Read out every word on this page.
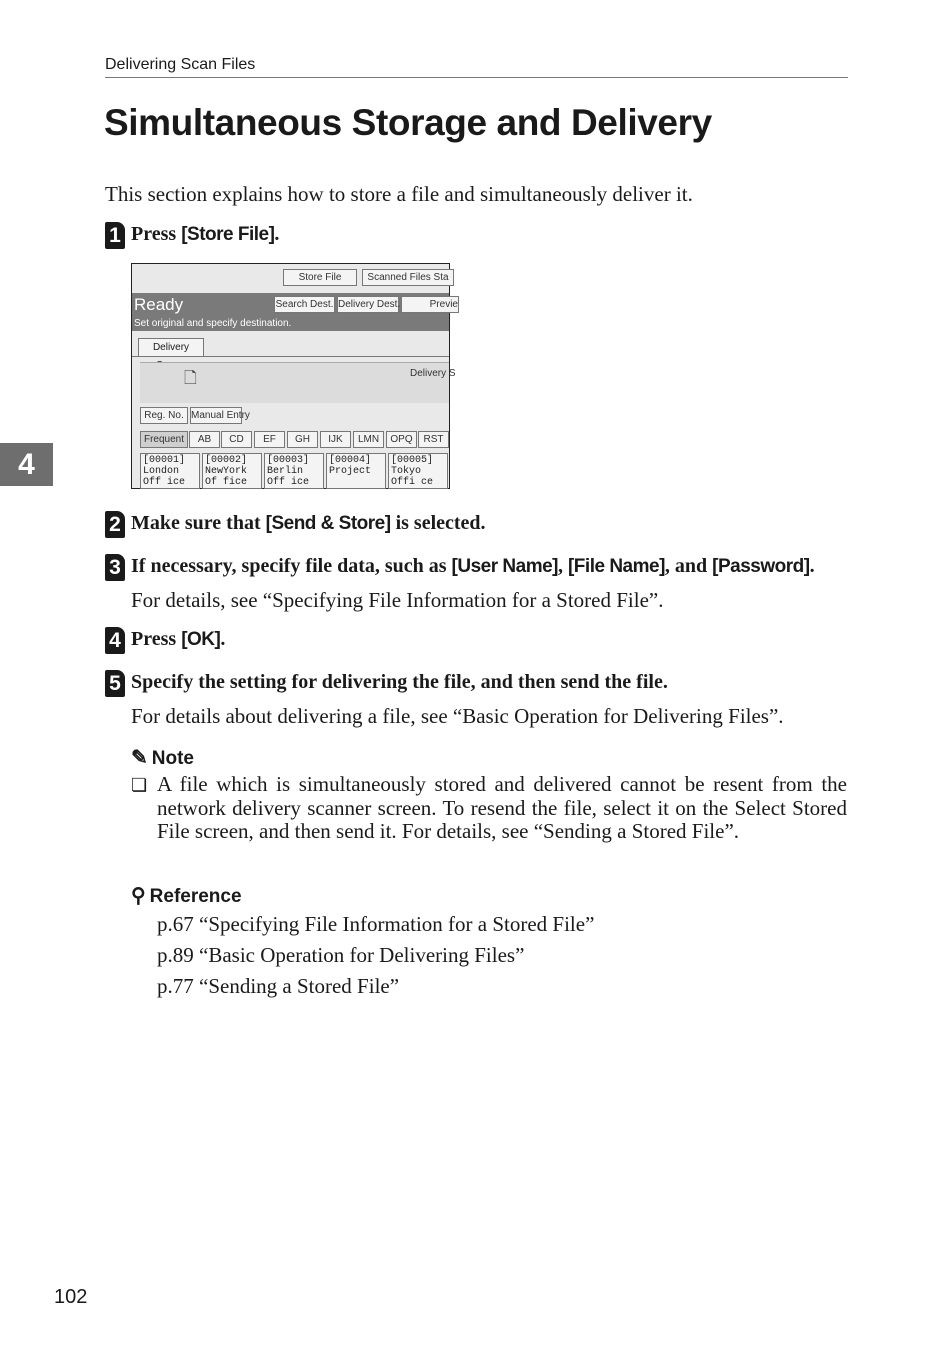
Delivering Scan Files
Simultaneous Storage and Delivery

This section explains how to store a file and simultaneously deliver it.

4
1 Press [Store File].
Store File	Scanned Files Sta
Ready	Search Dest. Delivery Dest.	Previe
Set original and specify destination.
Delivery
🗋	Delivery S
Reg. No. Manual Entry
Frequent	AB	CD	EF	GH	IJK	LMN	OPQ	RST
[00001]
London Off ice
[00002]
NewYork Of fice
[00003]
Berlin Off ice
[00004]
Project
[00005]
Tokyo Offi ce
2 Make sure that [Send & Store] is selected.
3 If necessary, specify file data, such as [User Name], [File Name], and [Password].
For details, see “Specifying File Information for a Stored File”.
4 Press [OK].
5 Specify the setting for delivering the file, and then send the file.
For details about delivering a file, see “Basic Operation for Delivering Files”.
✎ Note
❏ A file which is simultaneously stored and delivered cannot be resent from the network delivery scanner screen. To resend the file, select it on the Select Stored File screen, and then send it. For details, see “Sending a Stored File”.
⚲ Reference
p.67 “Specifying File Information for a Stored File”
p.89 “Basic Operation for Delivering Files”
p.77 “Sending a Stored File”
102
